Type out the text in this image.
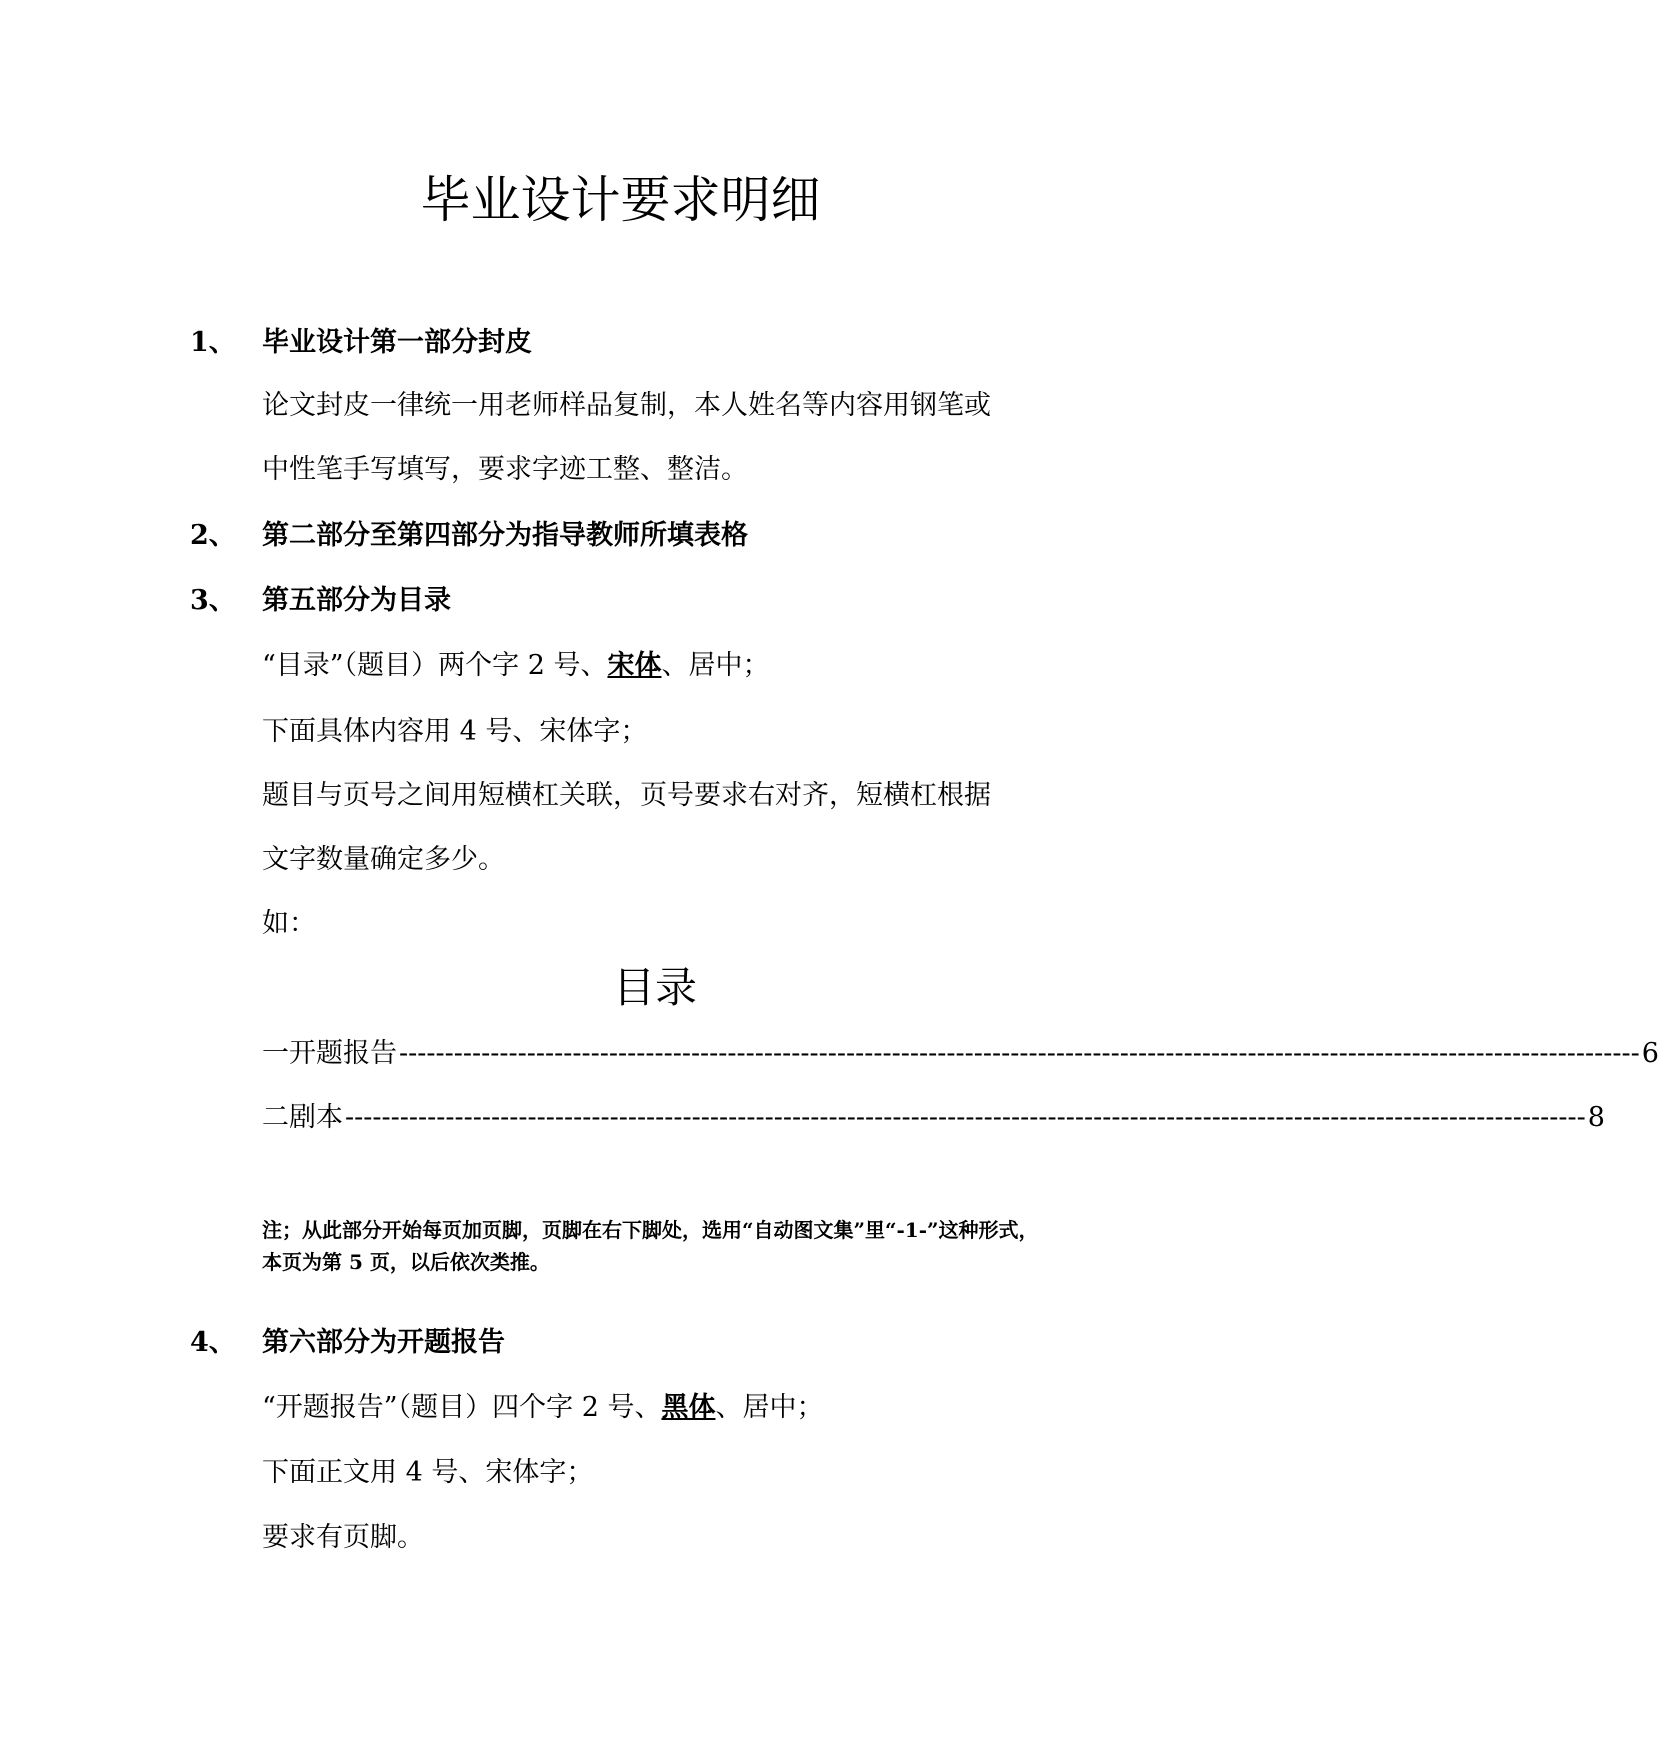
毕业设计要求明细
1、 毕业设计第一部分封皮
论文封皮一律统一用老师样品复制，本人姓名等内容用钢笔或
中性笔手写填写，要求字迹工整、整洁。
2、 第二部分至第四部分为指导教师所填表格
3、 第五部分为目录
“目录”（题目）两个字 2 号、宋体、居中；
下面具体内容用 4 号、宋体字；
题目与页号之间用短横杠关联，页号要求右对齐，短横杠根据
文字数量确定多少。
如：
目录
一 开题报告 ---------------------------------------------------------------------------------------------------------------------------------------- 6
二 剧本 ---------------------------------------------------------------------------------------------------------------------------------------- 8
注；从此部分开始每页加页脚，页脚在右下脚处，选用“自动图文集”里“-1-”这种形式，本页为第 5 页，以后依次类推。
4、 第六部分为开题报告
“开题报告”（题目）四个字 2 号、黑体、居中；
下面正文用 4 号、宋体字；
要求有页脚。
